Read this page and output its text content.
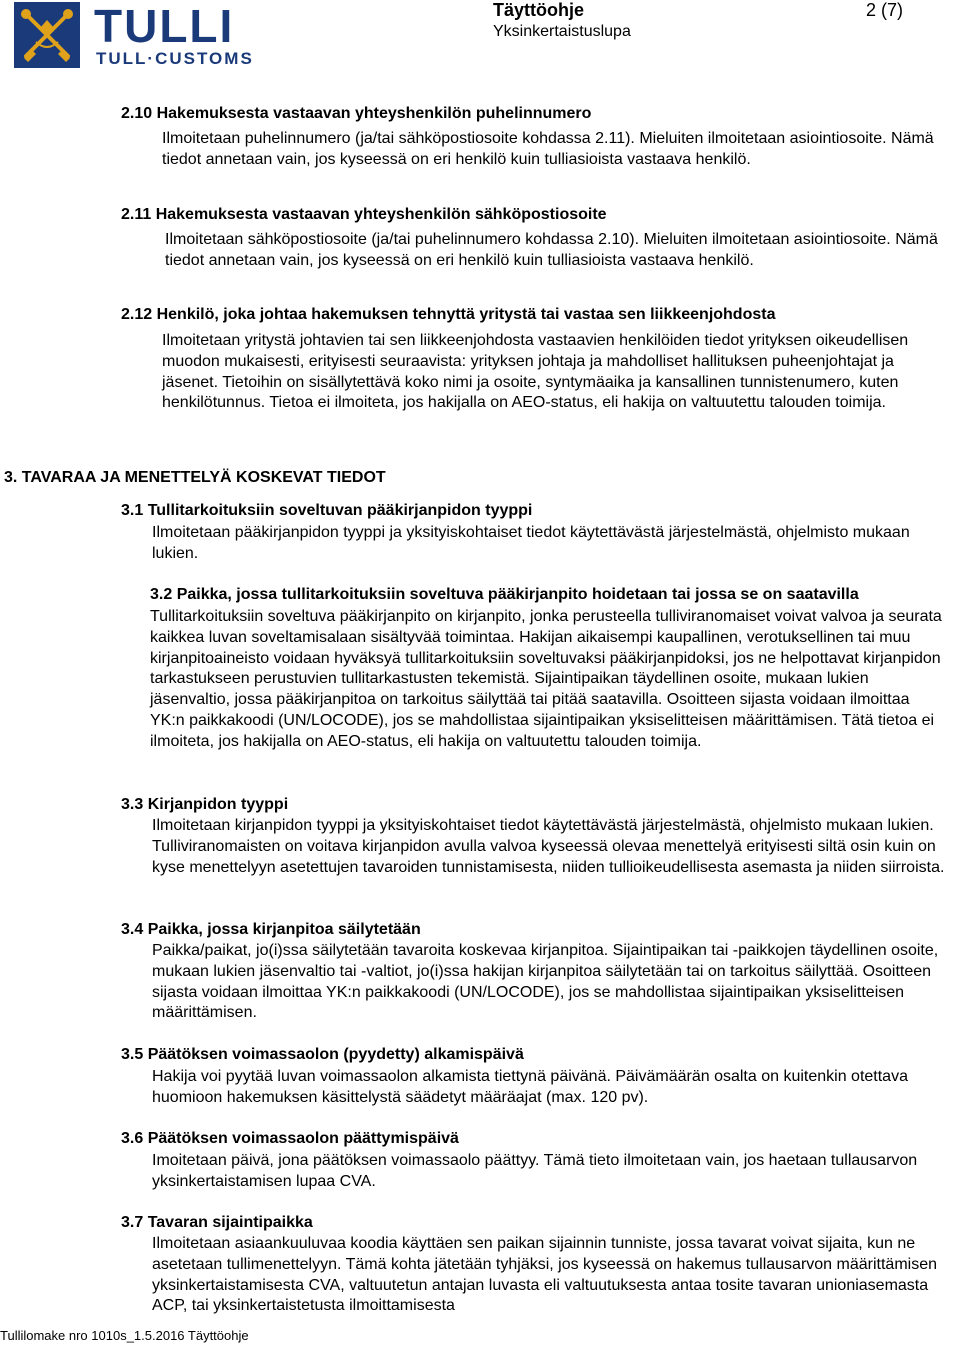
TULLI
TULL·CUSTOMS
Täyttöohje
Yksinkertaistuslupa
2 (7)
2.10 Hakemuksesta vastaavan yhteyshenkilön puhelinnumero

Ilmoitetaan puhelinnumero (ja/tai sähköpostiosoite kohdassa 2.11). Mieluiten ilmoitetaan asiointiosoite. Nämä tiedot annetaan vain, jos kyseessä on eri henkilö kuin tulliasioista vastaava henkilö.

2.11 Hakemuksesta vastaavan yhteyshenkilön sähköpostiosoite

Ilmoitetaan sähköpostiosoite (ja/tai puhelinnumero kohdassa 2.10). Mieluiten ilmoitetaan asiointiosoite. Nämä tiedot annetaan vain, jos kyseessä on eri henkilö kuin tulliasioista vastaava henkilö.

2.12 Henkilö, joka johtaa hakemuksen tehnyttä yritystä tai vastaa sen liikkeenjohdosta

Ilmoitetaan yritystä johtavien tai sen liikkeenjohdosta vastaavien henkilöiden tiedot yrityksen oikeudellisen muodon mukaisesti, erityisesti seuraavista: yrityksen johtaja ja mahdolliset hallituksen puheenjohtajat ja jäsenet. Tietoihin on sisällytettävä koko nimi ja osoite, syntymäaika ja kansallinen tunnistenumero, kuten henkilötunnus. Tietoa ei ilmoiteta, jos hakijalla on AEO-status, eli hakija on valtuutettu talouden toimija.

3. TAVARAA JA MENETTELYÄ KOSKEVAT TIEDOT
3.1 Tullitarkoituksiin soveltuvan pääkirjanpidon tyyppi

Ilmoitetaan pääkirjanpidon tyyppi ja yksityiskohtaiset tiedot käytettävästä järjestelmästä, ohjelmisto mukaan lukien.

3.2 Paikka, jossa tullitarkoituksiin soveltuva pääkirjanpito hoidetaan tai jossa se on saatavilla

Tullitarkoituksiin soveltuva pääkirjanpito on kirjanpito, jonka perusteella tulliviranomaiset voivat valvoa ja seurata kaikkea luvan soveltamisalaan sisältyvää toimintaa. Hakijan aikaisempi kaupallinen, verotuksellinen tai muu kirjanpitoaineisto voidaan hyväksyä tullitarkoituksiin soveltuvaksi pääkirjanpidoksi, jos ne helpottavat kirjanpidon tarkastukseen perustuvien tullitarkastusten tekemistä. Sijaintipaikan täydellinen osoite, mukaan lukien jäsenvaltio, jossa pääkirjanpitoa on tarkoitus säilyttää tai pitää saatavilla. Osoitteen sijasta voidaan ilmoittaa YK:n paikkakoodi (UN/LOCODE), jos se mahdollistaa sijaintipaikan yksiselitteisen määrittämisen. Tätä tietoa ei ilmoiteta, jos hakijalla on AEO-status, eli hakija on valtuutettu talouden toimija.

3.3 Kirjanpidon tyyppi

Ilmoitetaan kirjanpidon tyyppi ja yksityiskohtaiset tiedot käytettävästä järjestelmästä, ohjelmisto mukaan lukien. Tulliviranomaisten on voitava kirjanpidon avulla valvoa kyseessä olevaa menettelyä erityisesti siltä osin kuin on kyse menettelyyn asetettujen tavaroiden tunnistamisesta, niiden tullioikeudellisesta asemasta ja niiden siirroista.

3.4 Paikka, jossa kirjanpitoa säilytetään

Paikka/paikat, jo(i)ssa säilytetään tavaroita koskevaa kirjanpitoa. Sijaintipaikan tai -paikkojen täydellinen osoite, mukaan lukien jäsenvaltio tai -valtiot, jo(i)ssa hakijan kirjanpitoa säilytetään tai on tarkoitus säilyttää. Osoitteen sijasta voidaan ilmoittaa YK:n paikkakoodi (UN/LOCODE), jos se mahdollistaa sijaintipaikan yksiselitteisen määrittämisen.

3.5 Päätöksen voimassaolon (pyydetty) alkamispäivä

Hakija voi pyytää luvan voimassaolon alkamista tiettynä päivänä. Päivämäärän osalta on kuitenkin otettava huomioon hakemuksen käsittelystä säädetyt määräajat (max. 120 pv).

3.6 Päätöksen voimassaolon päättymispäivä

Imoitetaan päivä, jona päätöksen voimassaolo päättyy. Tämä tieto ilmoitetaan vain, jos haetaan tullausarvon yksinkertaistamisen lupaa CVA.

3.7 Tavaran sijaintipaikka

Ilmoitetaan asiaankuuluvaa koodia käyttäen sen paikan sijainnin tunniste, jossa tavarat voivat sijaita, kun ne asetetaan tullimenettelyyn. Tämä kohta jätetään tyhjäksi, jos kyseessä on hakemus tullausarvon määrittämisen yksinkertaistamisesta CVA, valtuutetun antajan luvasta eli valtuutuksesta antaa tosite tavaran unioniasemasta ACP, tai yksinkertaistetusta ilmoittamisesta

Tullilomake nro 1010s_1.5.2016 Täyttöohje
